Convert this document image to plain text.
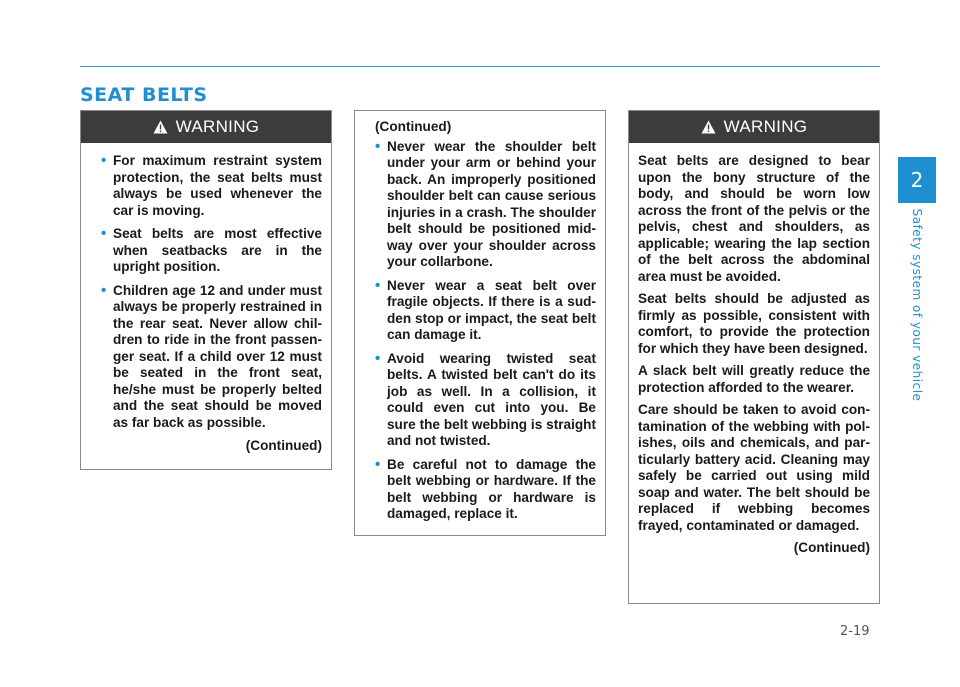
SEAT BELTS
2
Safety system of your vehicle
WARNING
• For maximum restraint system protection, the seat belts must always be used whenever the car is moving.
• Seat belts are most effective when seatbacks are in the upright position.
• Children age 12 and under must always be properly restrained in the rear seat. Never allow chil-dren to ride in the front passen-ger seat. If a child over 12 must be seated in the front seat, he/she must be properly belted and the seat should be moved as far back as possible.
(Continued)
(Continued)
• Never wear the shoulder belt under your arm or behind your back. An improperly positioned shoulder belt can cause serious injuries in a crash. The shoulder belt should be positioned mid-way over your shoulder across your collarbone.
• Never wear a seat belt over fragile objects. If there is a sud-den stop or impact, the seat belt can damage it.
• Avoid wearing twisted seat belts. A twisted belt can't do its job as well. In a collision, it could even cut into you. Be sure the belt webbing is straight and not twisted.
• Be careful not to damage the belt webbing or hardware. If the belt webbing or hardware is damaged, replace it.
WARNING

Seat belts are designed to bear upon the bony structure of the body, and should be worn low across the front of the pelvis or the pelvis, chest and shoulders, as applicable; wearing the lap section of the belt across the abdominal area must be avoided.

Seat belts should be adjusted as firmly as possible, consistent with comfort, to provide the protection for which they have been designed.

A slack belt will greatly reduce the protection afforded to the wearer.

Care should be taken to avoid con-tamination of the webbing with pol-ishes, oils and chemicals, and par-ticularly battery acid. Cleaning may safely be carried out using mild soap and water. The belt should be replaced if webbing becomes frayed, contaminated or damaged.

(Continued)
2-19
